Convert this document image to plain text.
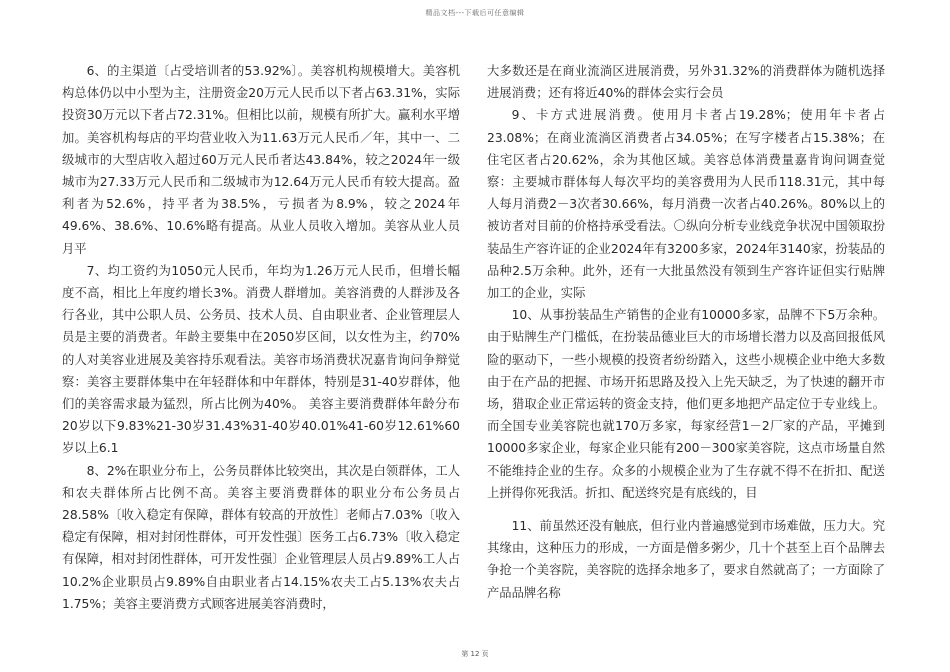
精品文档---下载后可任意编辑

6、的主渠道〔占受培训者的53.92%〕。美容机构规模增大。美容机构总体仍以中小型为主，注册资金20万元人民币以下者占63.31%，实际投资30万元以下者占72.31%。但相比以前，规模有所扩大。赢利水平增加。美容机构每店的平均营业收入为11.63万元人民币／年，其中一、二级城市的大型店收入超过60万元人民币者达43.84%，较之2024年一级城市为27.33万元人民币和二级城市为12.64万元人民币有较大提高。盈利者为52.6%，持平者为38.5%，亏损者为8.9%，较之2024年49.6%、38.6%、10.6%略有提高。从业人员收入增加。美容从业人员月平

7、均工资约为1050元人民币，年均为1.26万元人民币，但增长幅度不高，相比上年度约增长3%。消费人群增加。美容消费的人群涉及各行各业，其中公职人员、公务员、技术人员、自由职业者、企业管理层人员是主要的消费者。年龄主要集中在2050岁区间，以女性为主，约70%的人对美容业进展及美容持乐观看法。美容市场消费状况嘉肯询问争辩觉察：美容主要群体集中在年轻群体和中年群体，特别是31-40岁群体，他们的美容需求最为猛烈，所占比例为40%。 美容主要消费群体年龄分布20岁以下9.83%21-30岁31.43%31-40岁40.01%41-60岁12.61%60岁以上6.1

8、2%在职业分布上，公务员群体比较突出，其次是白领群体，工人和农夫群体所占比例不高。美容主要消费群体的职业分布公务员占28.58%〔收入稳定有保障，群体有较高的开放性〕老师占7.03%〔收入稳定有保障，相对封闭性群体，可开发性强〕医务工占6.73%〔收入稳定有保障，相对封闭性群体，可开发性强〕企业管理层人员占9.89%工人占10.2%企业职员占9.89%自由职业者占14.15%农夫工占5.13%农夫占1.75%；美容主要消费方式顾客进展美容消费时，

大多数还是在商业流淌区进展消费，另外31.32%的消费群体为随机选择进展消费；还有将近40%的群体会实行会员

9、卡方式进展消费。使用月卡者占19.28%；使用年卡者占23.08%；在商业流淌区消费者占34.05%；在写字楼者占15.38%；在住宅区者占20.62%，余为其他区域。美容总体消费量嘉肯询问调查觉察：主要城市群体每人每次平均的美容费用为人民币118.31元，其中每人每月消费2－3次者30.66%，每月消费一次者占40.26%。80%以上的被访者对目前的价格持承受看法。〇纵向分析专业线竞争状况中国领取扮装品生产容许证的企业2024年有3200多家，2024年3140家，扮装品的品种2.5万余种。此外，还有一大批虽然没有领到生产容许证但实行贴牌加工的企业，实际

10、从事扮装品生产销售的企业有10000多家，品牌不下5万余种。由于贴牌生产门槛低，在扮装品德业巨大的市场增长潜力以及高回报低风险的驱动下，一些小规模的投资者纷纷踏入，这些小规模企业中绝大多数由于在产品的把握、市场开拓思路及投入上先天缺乏，为了快速的翻开市场，猎取企业正常运转的资金支持，他们更多地把产品定位于专业线上。而全国专业美容院也就170万多家，每家经营1－2厂家的产品，平摊到10000多家企业，每家企业只能有200－300家美容院，这点市场量自然不能维持企业的生存。众多的小规模企业为了生存就不得不在折扣、配送上拼得你死我活。折扣、配送终究是有底线的，目

11、前虽然还没有触底，但行业内普遍感觉到市场难做，压力大。究其缘由，这种压力的形成，一方面是僧多粥少，几十个甚至上百个品牌去争抢一个美容院，美容院的选择余地多了，要求自然就高了；一方面除了产品品牌名称

第 12 页
